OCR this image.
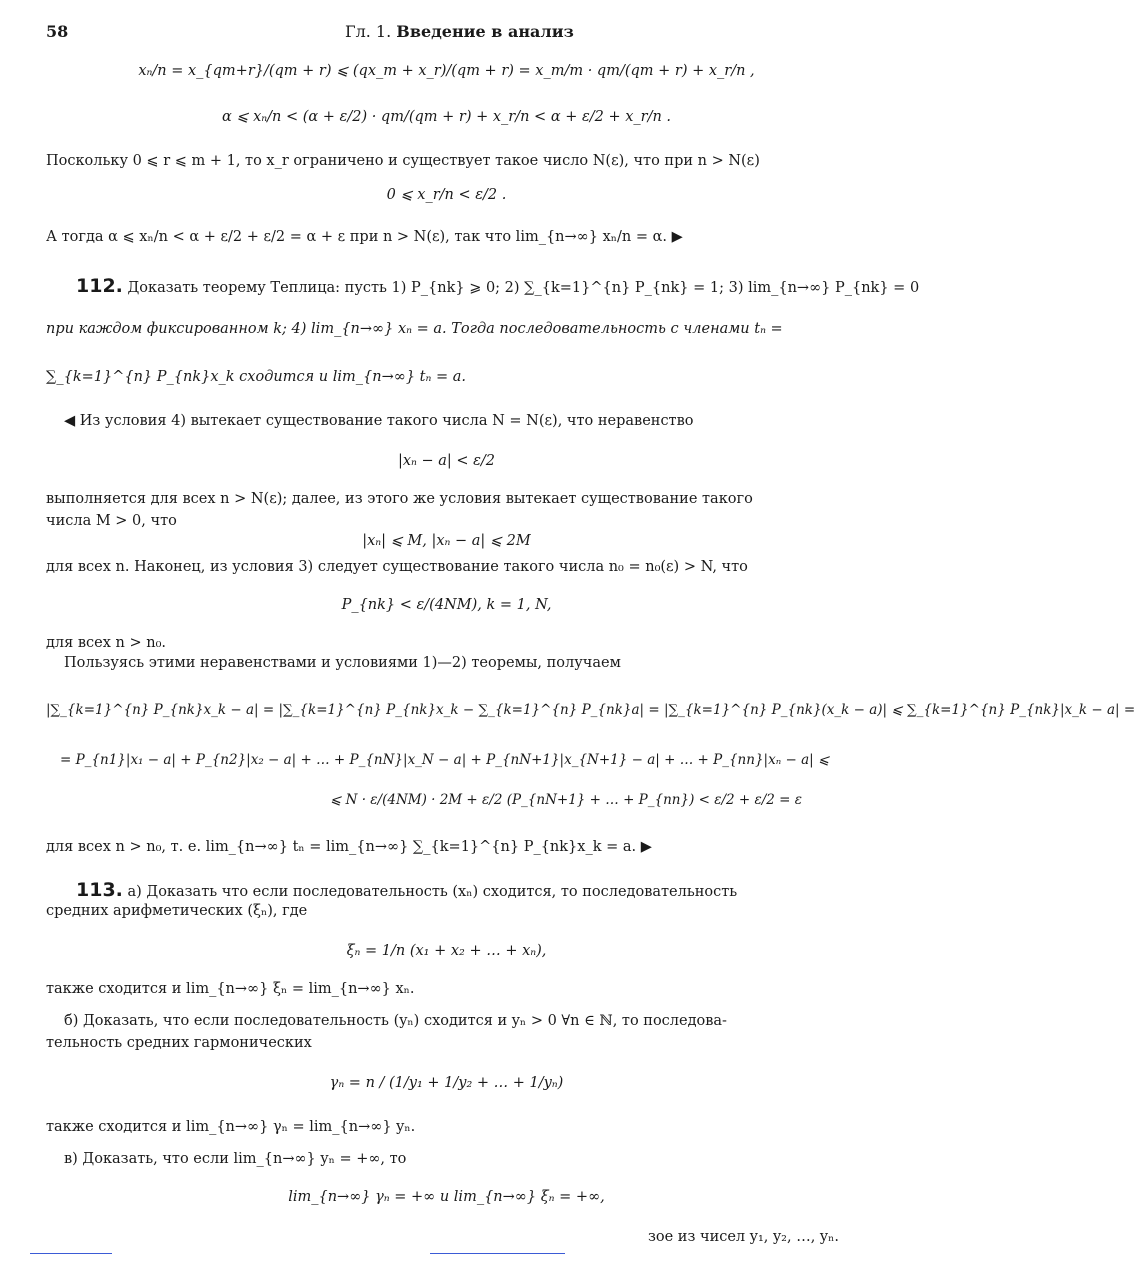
58	Гл. 1. Введение в анализ
xₙ/n = x_{qm+r}/(qm + r) ⩽ (qx_m + x_r)/(qm + r) = x_m/m · qm/(qm + r) + x_r/n ,
α ⩽ xₙ/n < (α + ε/2) · qm/(qm + r) + x_r/n < α + ε/2 + x_r/n .
Поскольку 0 ⩽ r ⩽ m + 1, то x_r ограничено и существует такое число N(ε), что при n > N(ε)
0 ⩽ x_r/n < ε/2 .
А тогда α ⩽ xₙ/n < α + ε/2 + ε/2 = α + ε при n > N(ε), так что lim_{n→∞} xₙ/n = α. ▶
112. Доказать теорему Теплица: пусть 1) P_{nk} ⩾ 0; 2) ∑_{k=1}^{n} P_{nk} = 1; 3) lim_{n→∞} P_{nk} = 0
при каждом фиксированном k; 4) lim_{n→∞} xₙ = a. Тогда последовательность с членами tₙ =
∑_{k=1}^{n} P_{nk}x_k сходится и lim_{n→∞} tₙ = a.
◀ Из условия 4) вытекает существование такого числа N = N(ε), что неравенство
|xₙ − a| < ε/2
выполняется для всех n > N(ε); далее, из этого же условия вытекает существование такого
числа M > 0, что
|xₙ| ⩽ M, |xₙ − a| ⩽ 2M
для всех n. Наконец, из условия 3) следует существование такого числа n₀ = n₀(ε) > N, что
P_{nk} < ε/(4NM), k = 1, N,
для всех n > n₀.
Пользуясь этими неравенствами и условиями 1)—2) теоремы, получаем
|∑_{k=1}^{n} P_{nk}x_k − a| = |∑_{k=1}^{n} P_{nk}x_k − ∑_{k=1}^{n} P_{nk}a| = |∑_{k=1}^{n} P_{nk}(x_k − a)| ⩽ ∑_{k=1}^{n} P_{nk}|x_k − a| =
= P_{n1}|x₁ − a| + P_{n2}|x₂ − a| + … + P_{nN}|x_N − a| + P_{nN+1}|x_{N+1} − a| + … + P_{nn}|xₙ − a| ⩽
⩽ N · ε/(4NM) · 2M + ε/2 (P_{nN+1} + … + P_{nn}) < ε/2 + ε/2 = ε
для всех n > n₀, т. е. lim_{n→∞} tₙ = lim_{n→∞} ∑_{k=1}^{n} P_{nk}x_k = a. ▶
113. а) Доказать что если последовательность (xₙ) сходится, то последовательность
средних арифметических (ξₙ), где
ξₙ = 1/n (x₁ + x₂ + … + xₙ),
также сходится и lim_{n→∞} ξₙ = lim_{n→∞} xₙ.
б) Доказать, что если последовательность (yₙ) сходится и yₙ > 0 ∀n ∈ ℕ, то последова-
тельность средних гармонических
γₙ = n / (1/y₁ + 1/y₂ + … + 1/yₙ)
также сходится и lim_{n→∞} γₙ = lim_{n→∞} yₙ.
в) Доказать, что если lim_{n→∞} yₙ = +∞, то
lim_{n→∞} γₙ = +∞ и lim_{n→∞} ξₙ = +∞,
зое из чисел y₁, y₂, …, yₙ.
